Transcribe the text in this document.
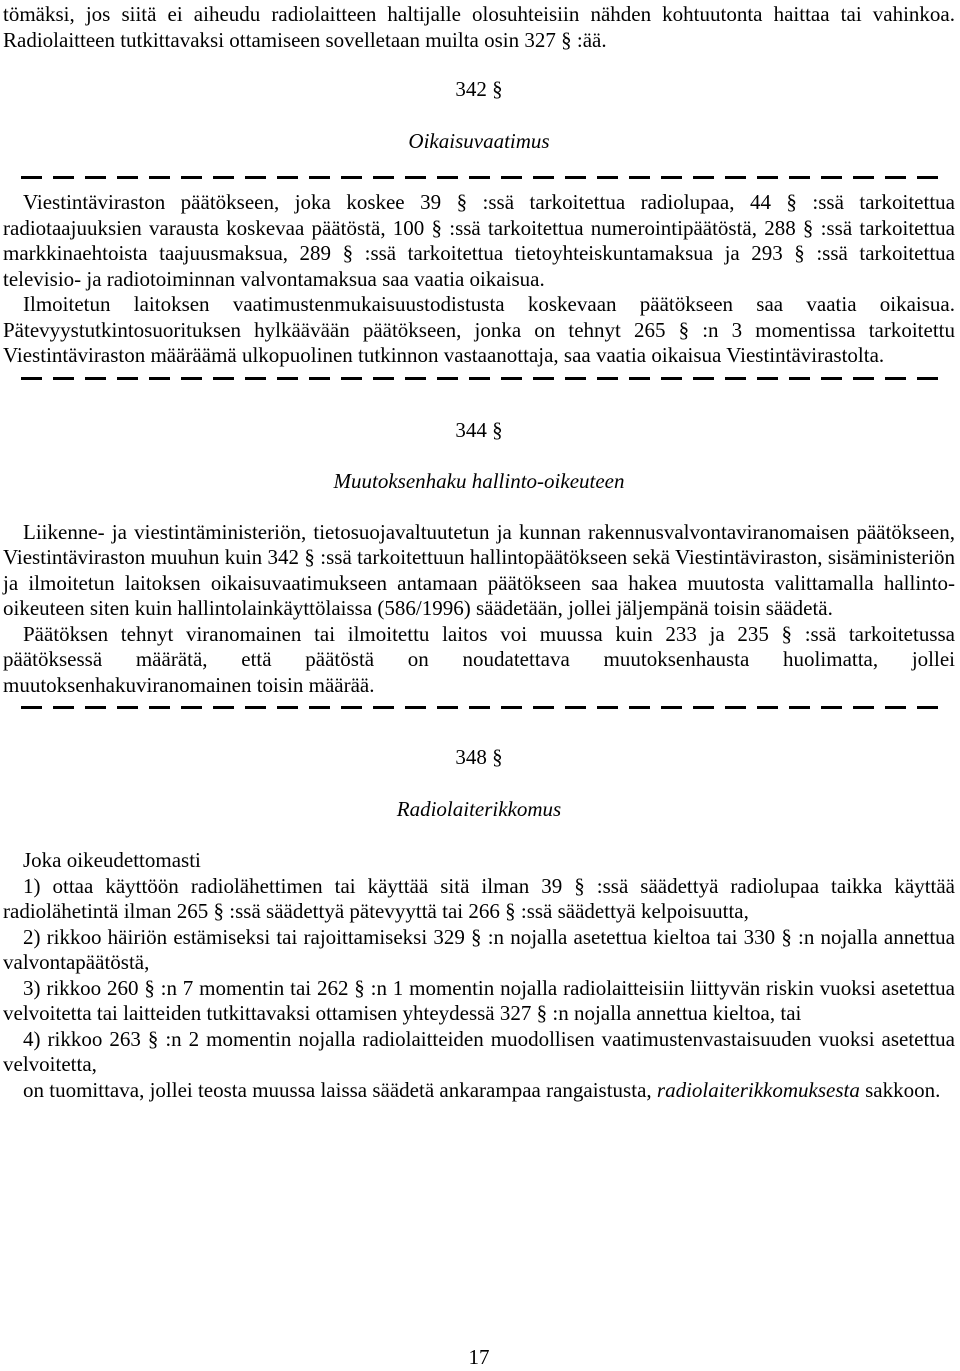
tömäksi, jos siitä ei aiheudu radiolaitteen haltijalle olosuhteisiin nähden kohtuutonta haittaa tai vahinkoa. Radiolaitteen tutkittavaksi ottamiseen sovelletaan muilta osin 327 § :ää.

342 §

Oikaisuvaatimus

Viestintäviraston päätökseen, joka koskee 39 § :ssä tarkoitettua radiolupaa, 44 § :ssä tarkoitettua radiotaajuuksien varausta koskevaa päätöstä, 100 § :ssä tarkoitettua numerointipäätöstä, 288 § :ssä tarkoitettua markkinaehtoista taajuusmaksua, 289 § :ssä tarkoitettua tietoyhteiskuntamaksua ja 293 § :ssä tarkoitettua televisio- ja radiotoiminnan valvontamaksua saa vaatia oikaisua.

Ilmoitetun laitoksen vaatimustenmukaisuustodistusta koskevaan päätökseen saa vaatia oikaisua. Pätevyystutkintosuorituksen hylkäävään päätökseen, jonka on tehnyt 265 § :n 3 momentissa tarkoitettu Viestintäviraston määräämä ulkopuolinen tutkinnon vastaanottaja, saa vaatia oikaisua Viestintävirastolta.

344 §

Muutoksenhaku hallinto-oikeuteen

Liikenne- ja viestintäministeriön, tietosuojavaltuutetun ja kunnan rakennusvalvontaviranomaisen päätökseen, Viestintäviraston muuhun kuin 342 § :ssä tarkoitettuun hallintopäätökseen sekä Viestintäviraston, sisäministeriön ja ilmoitetun laitoksen oikaisuvaatimukseen antamaan päätökseen saa hakea muutosta valittamalla hallinto-oikeuteen siten kuin hallintolainkäyttölaissa (586/1996) säädetään, jollei jäljempänä toisin säädetä.

Päätöksen tehnyt viranomainen tai ilmoitettu laitos voi muussa kuin 233 ja 235 § :ssä tarkoitetussa päätöksessä määrätä, että päätöstä on noudatettava muutoksenhausta huolimatta, jollei muutoksenhakuviranomainen toisin määrää.

348 §

Radiolaiterikkomus

Joka oikeudettomasti

1) ottaa käyttöön radiolähettimen tai käyttää sitä ilman 39 § :ssä säädettyä radiolupaa taikka käyttää radiolähetintä ilman 265 § :ssä säädettyä pätevyyttä tai 266 § :ssä säädettyä kelpoisuutta,

2) rikkoo häiriön estämiseksi tai rajoittamiseksi 329 § :n nojalla asetettua kieltoa tai 330 § :n nojalla annettua valvontapäätöstä,

3) rikkoo 260 § :n 7 momentin tai 262 § :n 1 momentin nojalla radiolaitteisiin liittyvän riskin vuoksi asetettua velvoitetta tai laitteiden tutkittavaksi ottamisen yhteydessä 327 § :n nojalla annettua kieltoa, tai

4) rikkoo 263 § :n 2 momentin nojalla radiolaitteiden muodollisen vaatimustenvastaisuuden vuoksi asetettua velvoitetta,

on tuomittava, jollei teosta muussa laissa säädetä ankarampaa rangaistusta, radiolaiterikkomuksesta sakkoon.

17
